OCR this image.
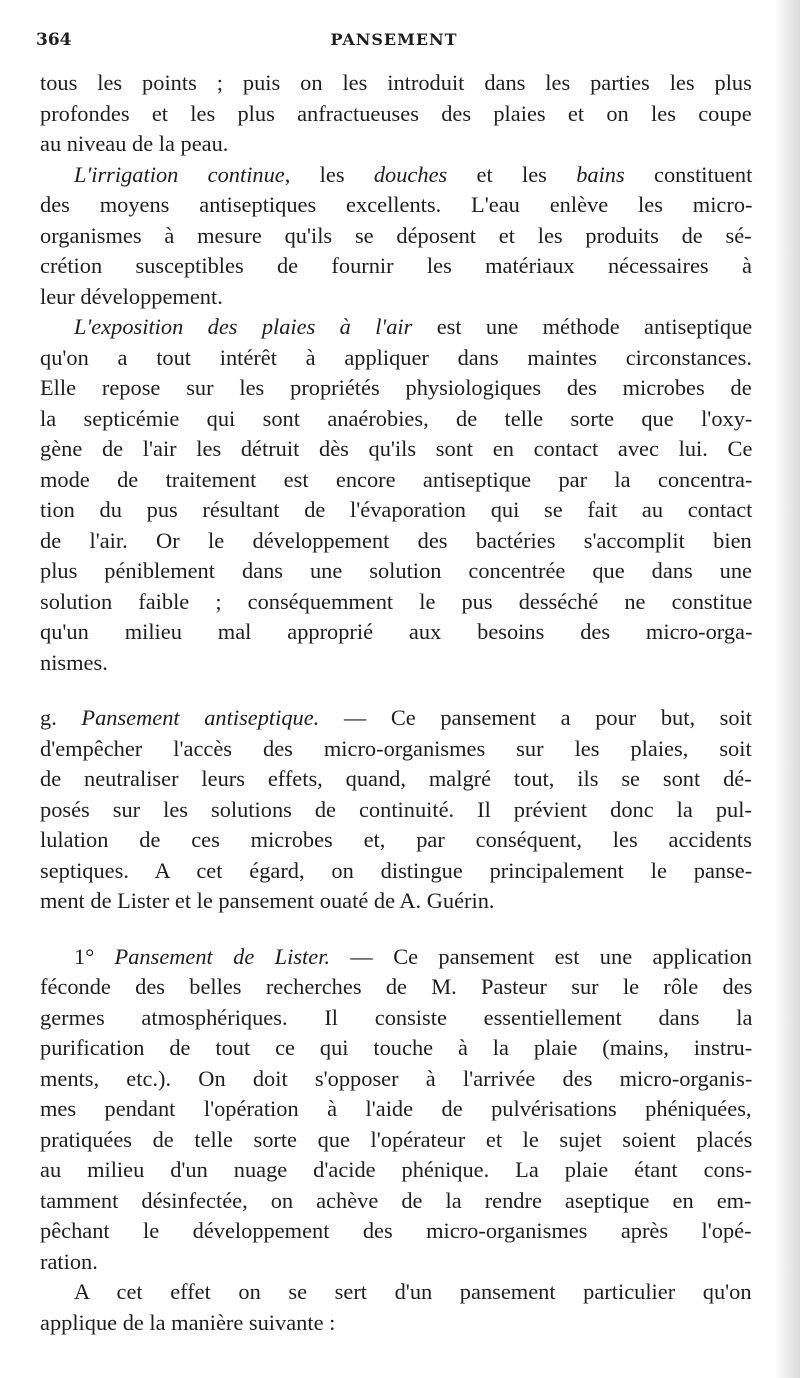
364	PANSEMENT
tous les points ; puis on les introduit dans les parties les plus
profondes et les plus anfractueuses des plaies et on les coupe
au niveau de la peau.
L'irrigation continue, les douches et les bains constituent
des moyens antiseptiques excellents. L'eau enlève les micro-
organismes à mesure qu'ils se déposent et les produits de sé-
crétion susceptibles de fournir les matériaux nécessaires à
leur développement.
L'exposition des plaies à l'air est une méthode antiseptique
qu'on a tout intérêt à appliquer dans maintes circonstances.
Elle repose sur les propriétés physiologiques des microbes de
la septicémie qui sont anaérobies, de telle sorte que l'oxy-
gène de l'air les détruit dès qu'ils sont en contact avec lui. Ce
mode de traitement est encore antiseptique par la concentra-
tion du pus résultant de l'évaporation qui se fait au contact
de l'air. Or le développement des bactéries s'accomplit bien
plus péniblement dans une solution concentrée que dans une
solution faible ; conséquemment le pus desséché ne constitue
qu'un milieu mal approprié aux besoins des micro-orga-
nismes.
g. Pansement antiseptique. — Ce pansement a pour but, soit
d'empêcher l'accès des micro-organismes sur les plaies, soit
de neutraliser leurs effets, quand, malgré tout, ils se sont dé-
posés sur les solutions de continuité. Il prévient donc la pul-
lulation de ces microbes et, par conséquent, les accidents
septiques. A cet égard, on distingue principalement le panse-
ment de Lister et le pansement ouaté de A. Guérin.
1° Pansement de Lister. — Ce pansement est une application
féconde des belles recherches de M. Pasteur sur le rôle des
germes atmosphériques. Il consiste essentiellement dans la
purification de tout ce qui touche à la plaie (mains, instru-
ments, etc.). On doit s'opposer à l'arrivée des micro-organis-
mes pendant l'opération à l'aide de pulvérisations phéniquées,
pratiquées de telle sorte que l'opérateur et le sujet soient placés
au milieu d'un nuage d'acide phénique. La plaie étant cons-
tamment désinfectée, on achève de la rendre aseptique en em-
pêchant le développement des micro-organismes après l'opé-
ration.
A cet effet on se sert d'un pansement particulier qu'on
applique de la manière suivante :
